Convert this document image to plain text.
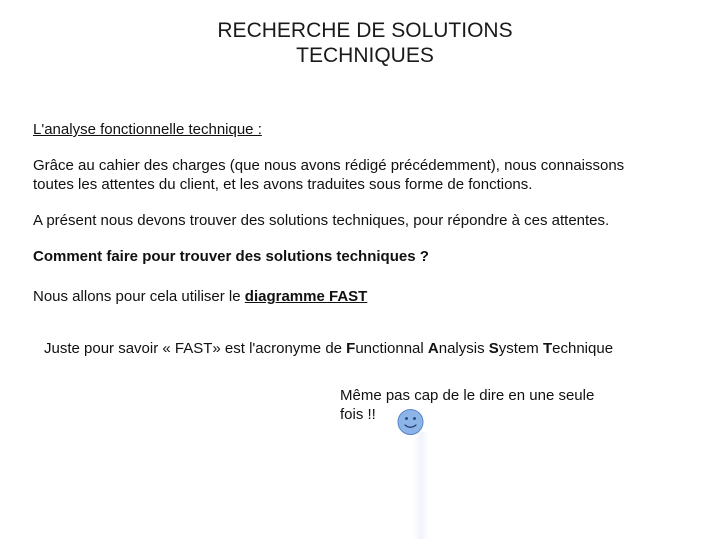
RECHERCHE DE SOLUTIONS
TECHNIQUES
L'analyse fonctionnelle technique :
Grâce au cahier des charges (que nous avons rédigé précédemment), nous connaissons
toutes les attentes du client, et les avons traduites sous forme de fonctions.
A présent nous devons trouver des solutions techniques, pour répondre à ces attentes.
Comment faire pour trouver des solutions techniques ?
Nous allons pour cela utiliser le diagramme FAST
Juste pour savoir « FAST» est l'acronyme de Functionnal Analysis System Technique
Même pas cap de le dire en une seule
fois !!
